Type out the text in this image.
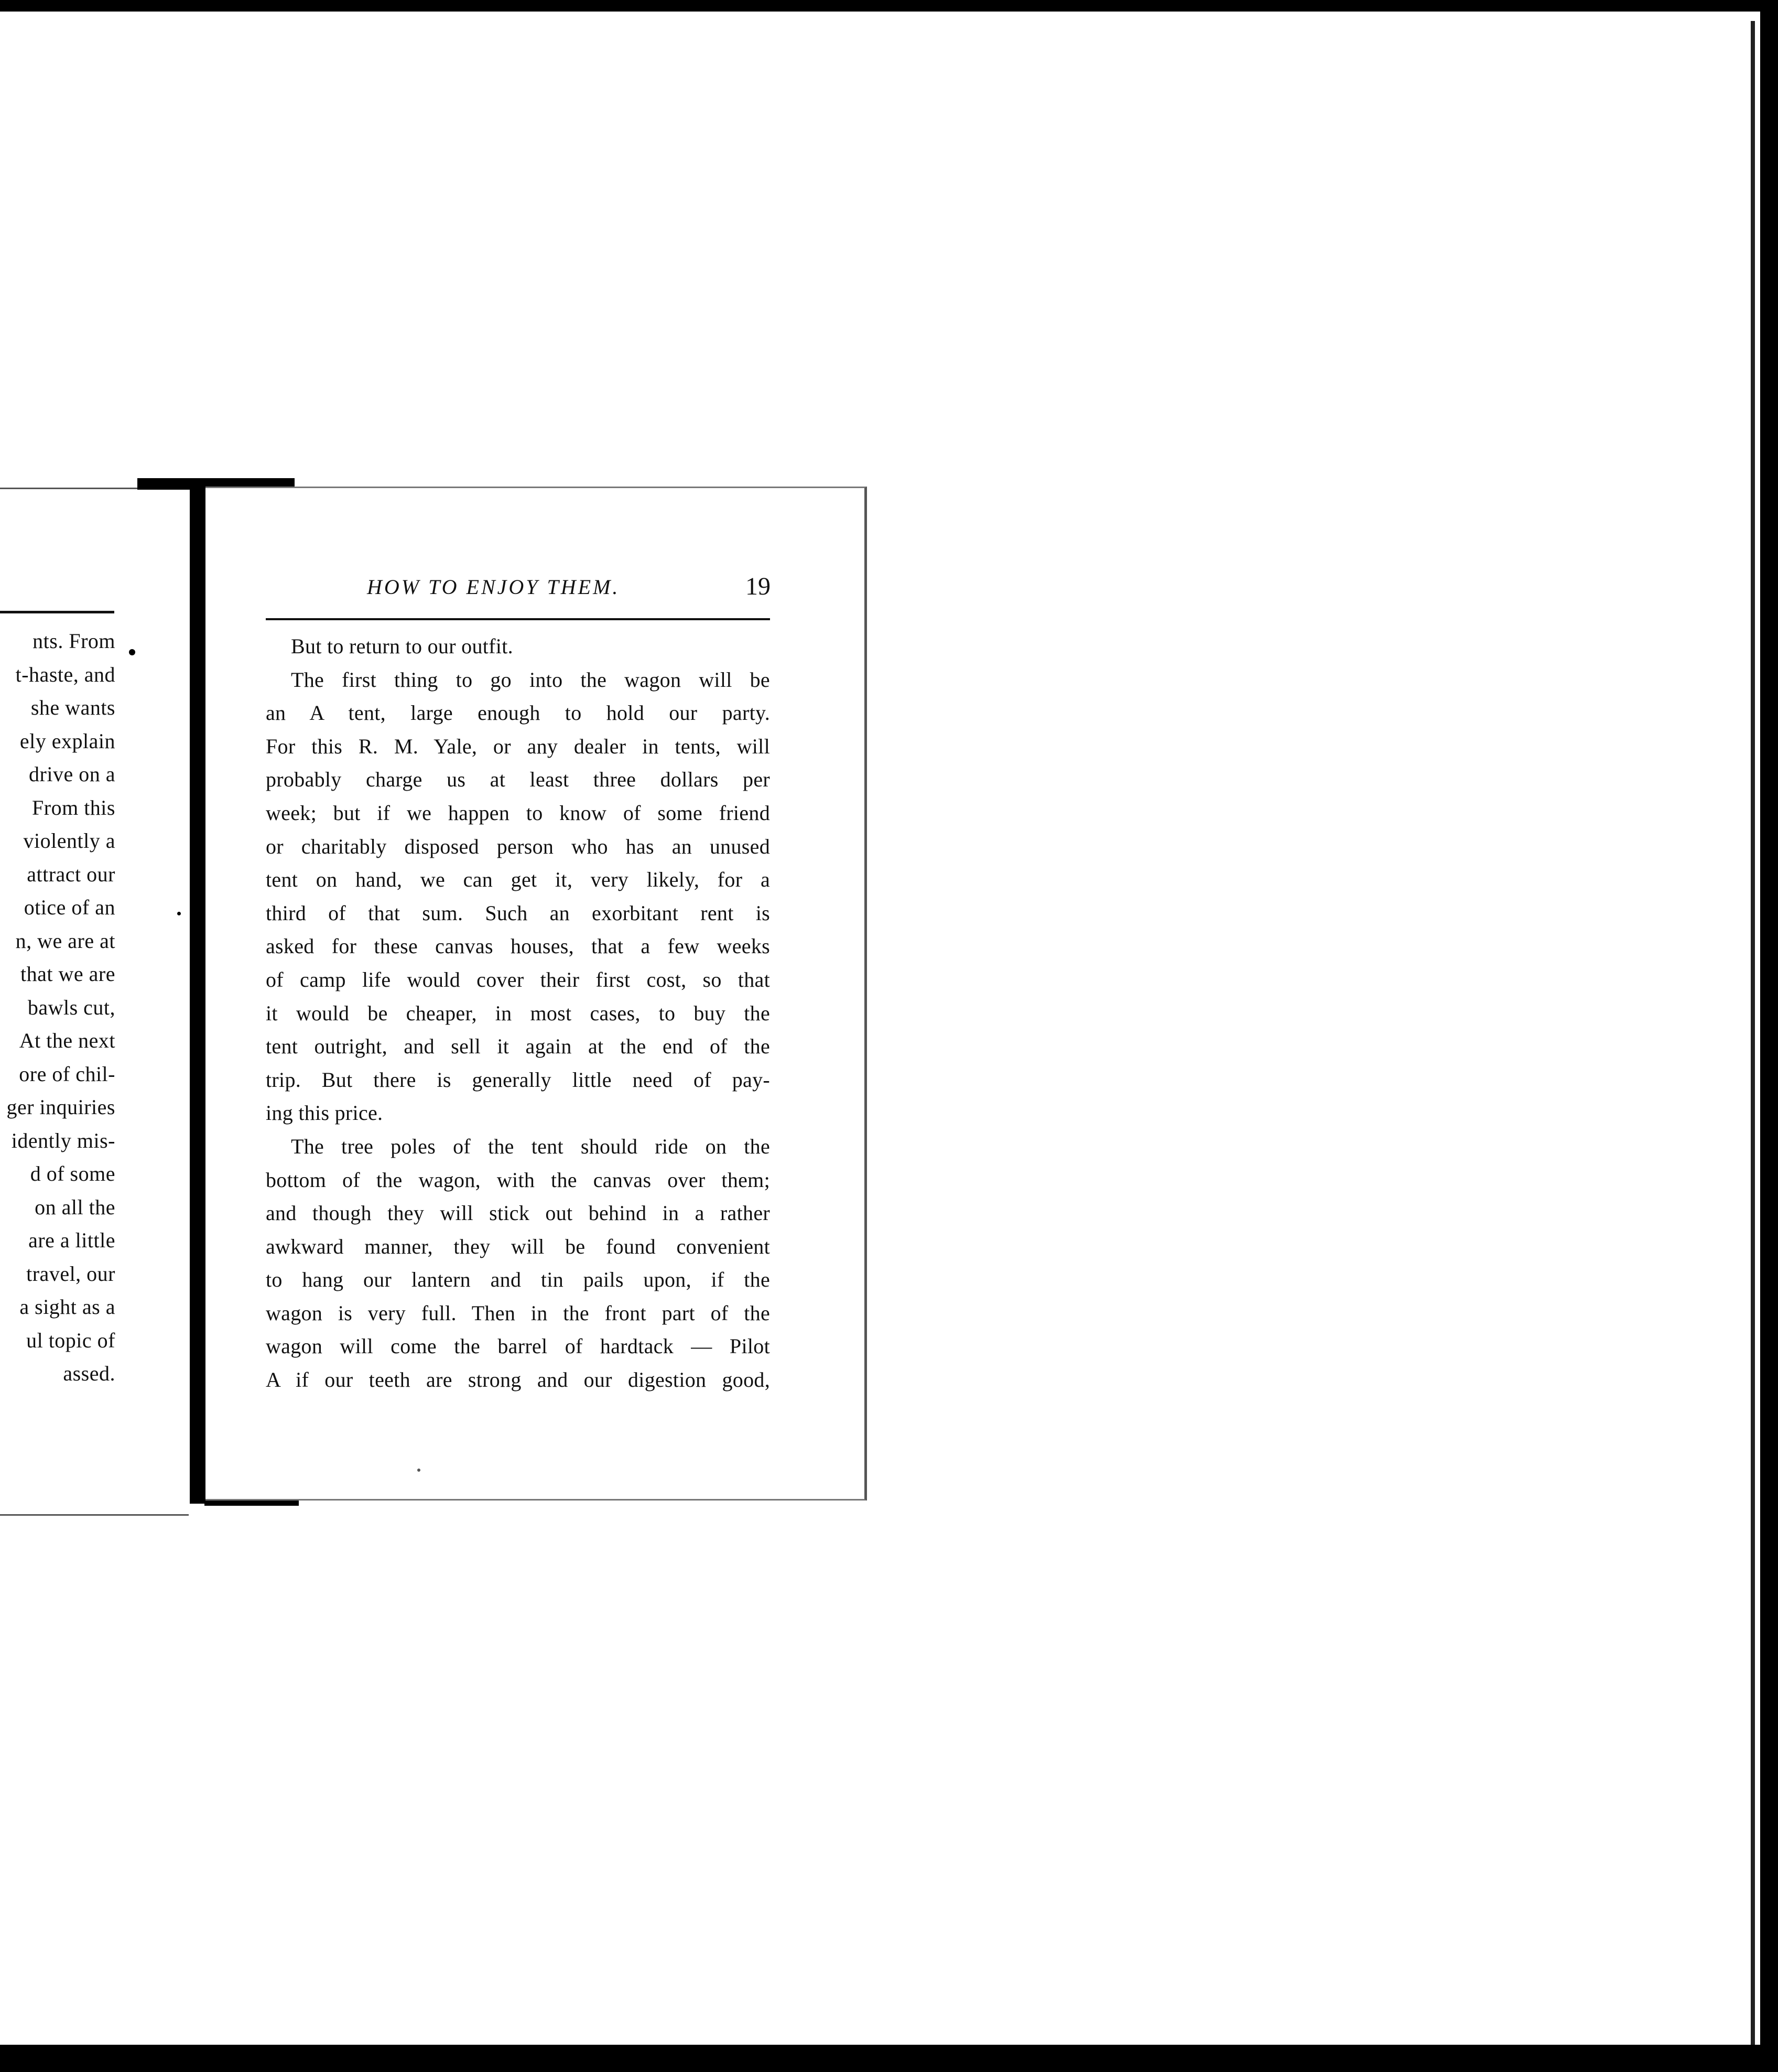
nts. From

t-haste, and

she wants

ely explain

drive on a

From this

violently a

attract our

otice of an

n, we are at

that we are

bawls cut,

At the next

ore of chil-

ger inquiries

idently mis-

d of some

on all the

are a little

travel, our

a sight as a

ul topic of

assed.

HOW TO ENJOY THEM.	19

But to return to our outfit.

The first thing to go into the wagon will be

an A tent, large enough to hold our party.

For this R. M. Yale, or any dealer in tents, will

probably charge us at least three dollars per

week; but if we happen to know of some friend

or charitably disposed person who has an unused

tent on hand, we can get it, very likely, for a

third of that sum. Such an exorbitant rent is

asked for these canvas houses, that a few weeks

of camp life would cover their first cost, so that

it would be cheaper, in most cases, to buy the

tent outright, and sell it again at the end of the

trip. But there is generally little need of pay-

ing this price.

The tree poles of the tent should ride on the

bottom of the wagon, with the canvas over them;

and though they will stick out behind in a rather

awkward manner, they will be found convenient

to hang our lantern and tin pails upon, if the

wagon is very full. Then in the front part of the

wagon will come the barrel of hardtack — Pilot

A if our teeth are strong and our digestion good,
